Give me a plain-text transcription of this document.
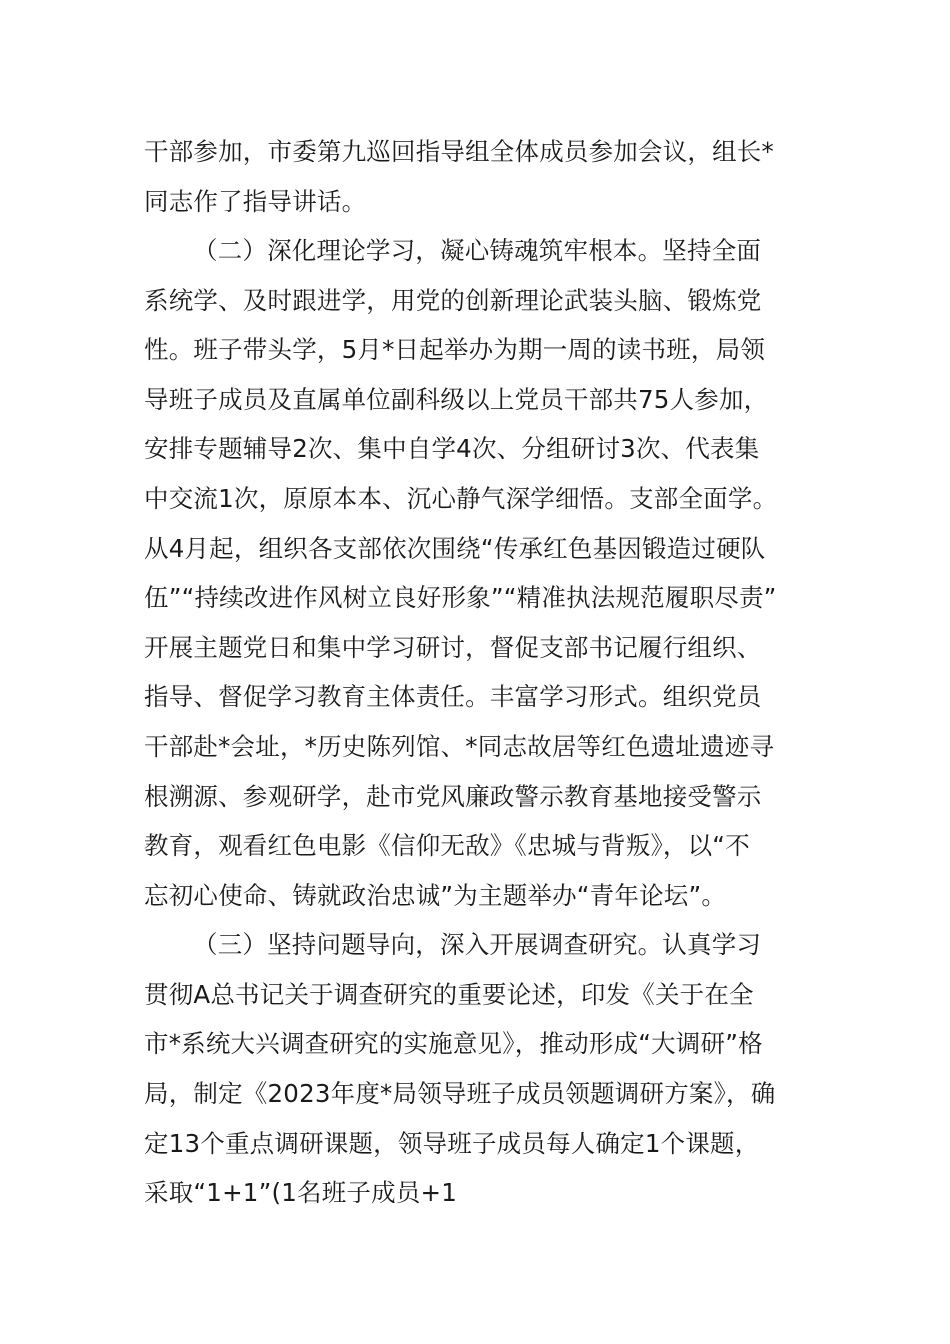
干部参加，市委第九巡回指导组全体成员参加会议，组长*
同志作了指导讲话。
（二）深化理论学习，凝心铸魂筑牢根本。坚持全面
系统学、及时跟进学，用党的创新理论武装头脑、锻炼党
性。班子带头学，5月*日起举办为期一周的读书班，局领
导班子成员及直属单位副科级以上党员干部共75人参加，
安排专题辅导2次、集中自学4次、分组研讨3次、代表集
中交流1次，原原本本、沉心静气深学细悟。支部全面学。
从4月起，组织各支部依次围绕“传承红色基因锻造过硬队
伍”“持续改进作风树立良好形象”“精准执法规范履职尽责”
开展主题党日和集中学习研讨，督促支部书记履行组织、
指导、督促学习教育主体责任。丰富学习形式。组织党员
干部赴*会址，*历史陈列馆、*同志故居等红色遗址遗迹寻
根溯源、参观研学，赴市党风廉政警示教育基地接受警示
教育，观看红色电影《信仰无敌》《忠城与背叛》，以“不
忘初心使命、铸就政治忠诚”为主题举办“青年论坛”。
（三）坚持问题导向，深入开展调查研究。认真学习
贯彻A总书记关于调查研究的重要论述，印发《关于在全
市*系统大兴调查研究的实施意见》，推动形成“大调研”格
局，制定《2023年度*局领导班子成员领题调研方案》，确
定13个重点调研课题，领导班子成员每人确定1个课题，
采取“1+1”(1名班子成员+1
